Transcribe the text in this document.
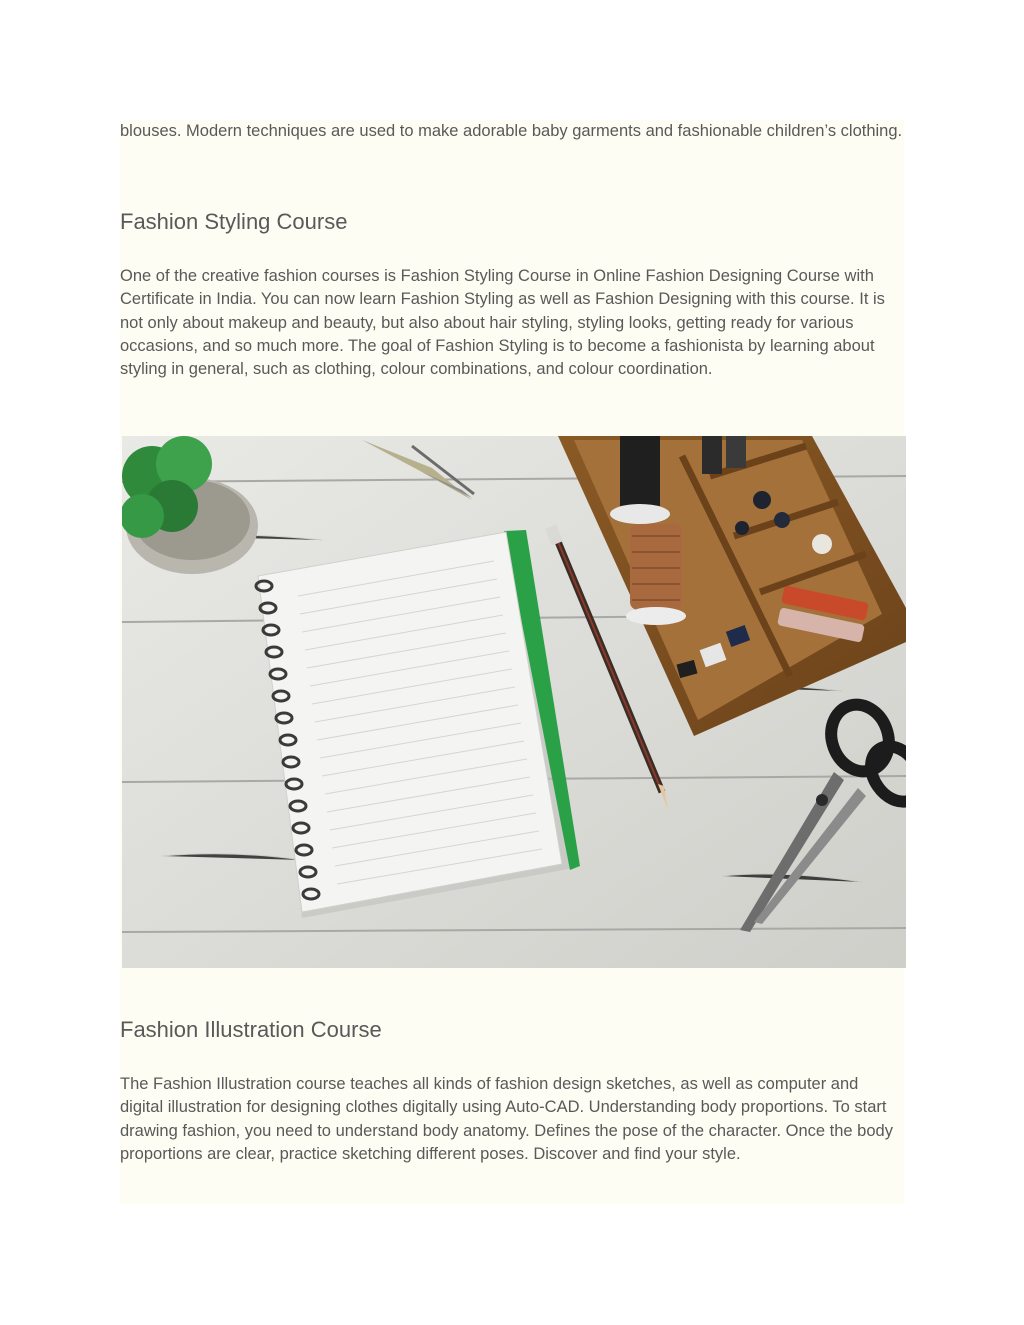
blouses. Modern techniques are used to make adorable baby garments and fashionable children’s clothing.

Fashion Styling Course

One of the creative fashion courses is Fashion Styling Course in Online Fashion Designing Course with Certificate in India. You can now learn Fashion Styling as well as Fashion Designing with this course. It is not only about makeup and beauty, but also about hair styling, styling looks, getting ready for various occasions, and so much more. The goal of Fashion Styling is to become a fashionista by learning about styling in general, such as clothing, colour combinations, and colour coordination.

Fashion Illustration Course

The Fashion Illustration course teaches all kinds of fashion design sketches, as well as computer and digital illustration for designing clothes digitally using Auto-CAD. Understanding body proportions. To start drawing fashion, you need to understand body anatomy. Defines the pose of the character. Once the body proportions are clear, practice sketching different poses. Discover and find your style.
